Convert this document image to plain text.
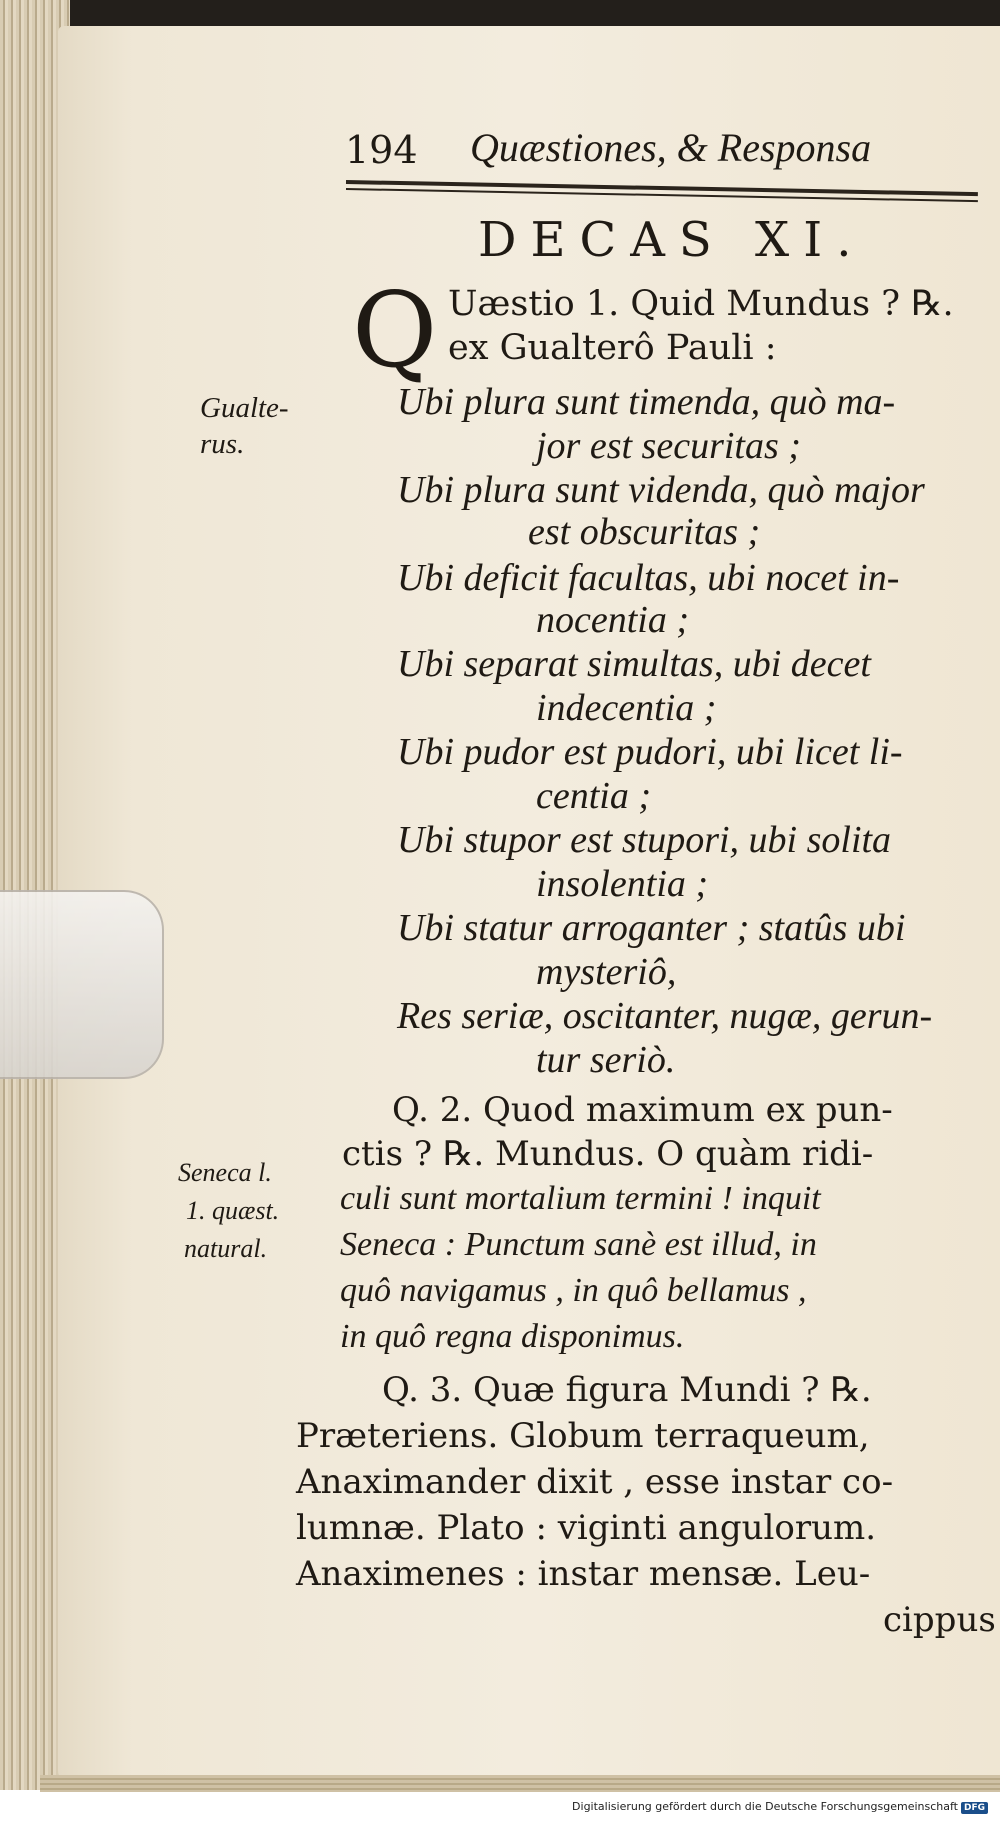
194 Quæstiones, & Responsa
DECAS XI.
Q Uæstio 1. Quid Mundus ? ℞.
ex Gualterô Pauli :
Gualte-
rus.
Ubi plura sunt timenda, quò ma-
jor est securitas ;
Ubi plura sunt videnda, quò major
est obscuritas ;
Ubi deficit facultas, ubi nocet in-
nocentia ;
Ubi separat simultas, ubi decet
indecentia ;
Ubi pudor est pudori, ubi licet li-
centia ;
Ubi stupor est stupori, ubi solita
insolentia ;
Ubi statur arroganter ; statûs ubi
mysteriô,
Res seriæ, oscitanter, nugæ, gerun-
tur seriò.
Q. 2. Quod maximum ex pun-
ctis ? ℞. Mundus. O quàm ridi-
culi sunt mortalium termini ! inquit
Seneca : Punctum sanè est illud, in
quô navigamus , in quô bellamus ,
in quô regna disponimus.
Seneca l.
1. quæst.
natural.
Q. 3. Quæ figura Mundi ? ℞.
Præteriens. Globum terraqueum,
Anaximander dixit , esse instar co-
lumnæ. Plato : viginti angulorum.
Anaximenes : instar mensæ. Leu-
cippus
Digitalisierung gefördert durch die Deutsche Forschungsgemeinschaft DFG
